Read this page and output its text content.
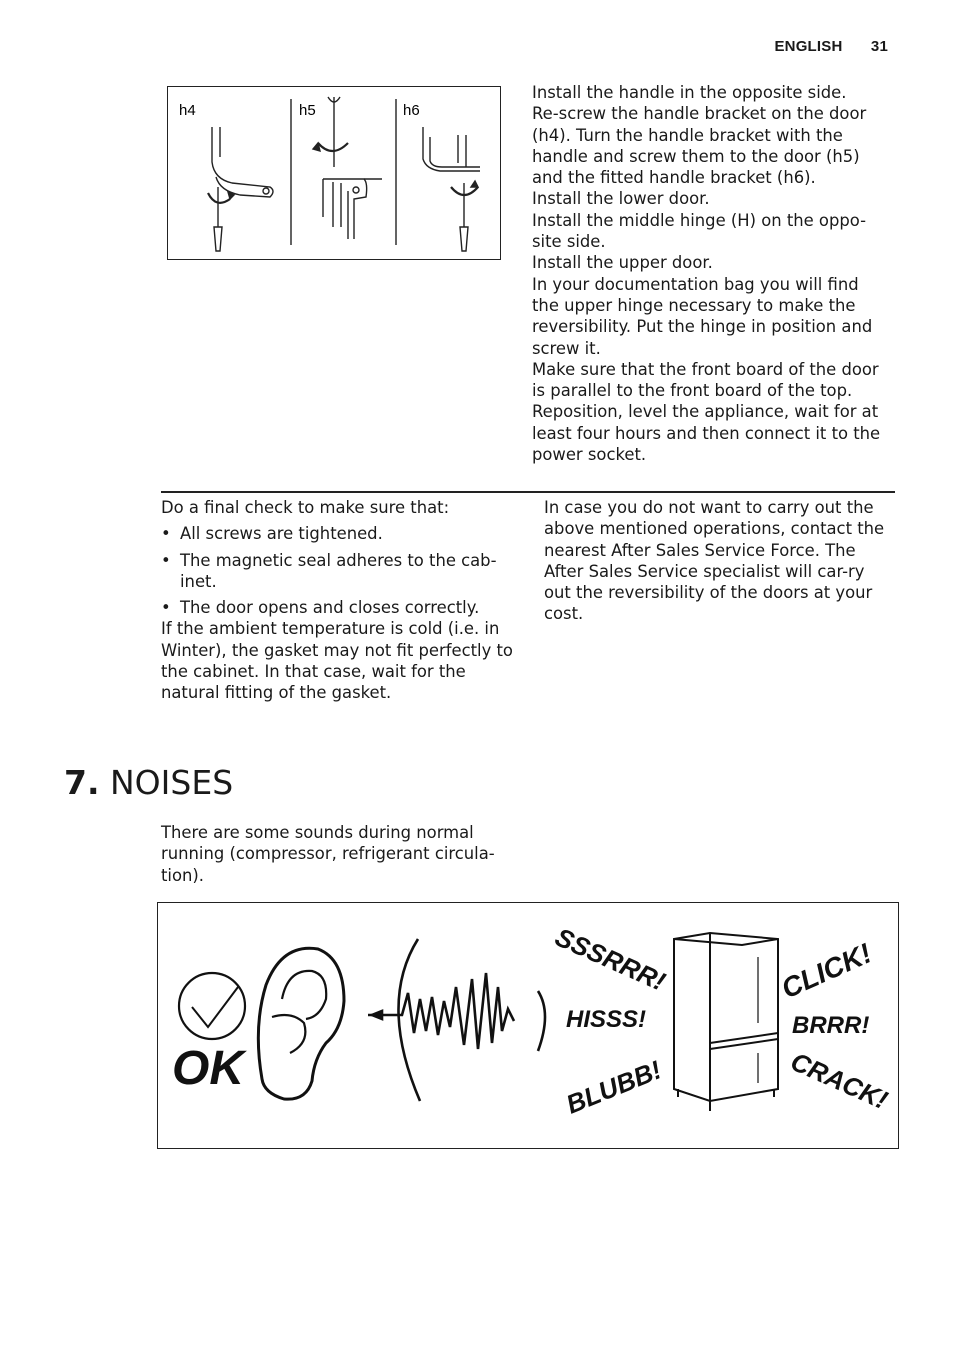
ENGLISH 31
h4	h5	h6
Install the handle in the opposite side.
Re-screw the handle bracket on the door (h4). Turn the handle bracket with the handle and screw them to the door (h5) and the fitted handle bracket (h6).
Install the lower door.
Install the middle hinge (H) on the oppo-site side.
Install the upper door.
In your documentation bag you will find the upper hinge necessary to make the reversibility. Put the hinge in position and screw it.
Make sure that the front board of the door is parallel to the front board of the top.
Reposition, level the appliance, wait for at least four hours and then connect it to the power socket.
Do a final check to make sure that:
• All screws are tightened.
• The magnetic seal adheres to the cab-inet.
• The door opens and closes correctly.
If the ambient temperature is cold (i.e. in Winter), the gasket may not fit perfectly to the cabinet. In that case, wait for the natural fitting of the gasket.
In case you do not want to carry out the above mentioned operations, contact the nearest After Sales Service Force. The After Sales Service specialist will car-ry out the reversibility of the doors at your cost.
7. NOISES
There are some sounds during normal running (compressor, refrigerant circula-tion).
OK
SSSRRR!
HISSS!
BLUBB!
CLICK!
BRRR!
CRACK!
